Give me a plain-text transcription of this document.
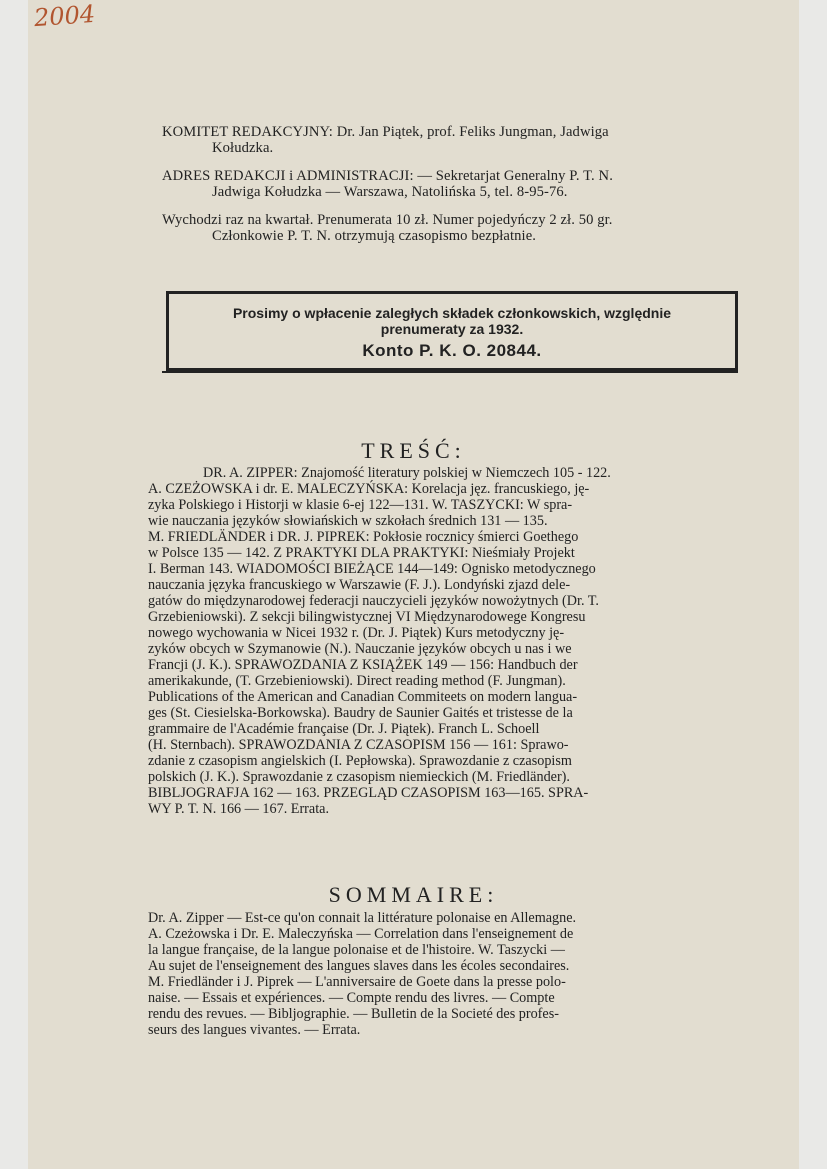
2004
KOMITET REDAKCYJNY: Dr. Jan Piątek, prof. Feliks Jungman, Jadwiga
Kołudzka.
ADRES REDAKCJI i ADMINISTRACJI: — Sekretarjat Generalny P. T. N.
Jadwiga Kołudzka — Warszawa, Natolińska 5, tel. 8-95-76.
Wychodzi raz na kwartał. Prenumerata 10 zł. Numer pojedyńczy 2 zł. 50 gr.
Członkowie P. T. N. otrzymują czasopismo bezpłatnie.
Prosimy o wpłacenie zaległych składek członkowskich, względnie
prenumeraty za 1932.
Konto P. K. O. 20844.
TREŚĆ:

DR. A. ZIPPER: Znajomość literatury polskiej w Niemczech 105 - 122.

A. CZEŻOWSKA i dr. E. MALECZYŃSKA: Korelacja jęz. francuskiego, ję-

zyka Polskiego i Historji w klasie 6-ej 122—131. W. TASZYCKI: W spra-

wie nauczania języków słowiańskich w szkołach średnich 131 — 135.

M. FRIEDLÄNDER i DR. J. PIPREK: Pokłosie rocznicy śmierci Goethego

w Polsce 135 — 142. Z PRAKTYKI DLA PRAKTYKI: Nieśmiały Projekt

I. Berman 143. WIADOMOŚCI BIEŻĄCE 144—149: Ognisko metodycznego

nauczania języka francuskiego w Warszawie (F. J.). Londyński zjazd dele-

gatów do międzynarodowej federacji nauczycieli języków nowożytnych (Dr. T.

Grzebieniowski). Z sekcji bilingwistycznej VI Międzynarodowege Kongresu

nowego wychowania w Nicei 1932 r. (Dr. J. Piątek) Kurs metodyczny ję-

zyków obcych w Szymanowie (N.). Nauczanie języków obcych u nas i we

Francji (J. K.). SPRAWOZDANIA Z KSIĄŻEK 149 — 156: Handbuch der

amerikakunde, (T. Grzebieniowski). Direct reading method (F. Jungman).

Publications of the American and Canadian Commiteets on modern langua-

ges (St. Ciesielska-Borkowska). Baudry de Saunier Gaités et tristesse de la

grammaire de l'Académie française (Dr. J. Piątek). Franch L. Schoell

(H. Sternbach). SPRAWOZDANIA Z CZASOPISM 156 — 161: Sprawo-

zdanie z czasopism angielskich (I. Pepłowska). Sprawozdanie z czasopism

polskich (J. K.). Sprawozdanie z czasopism niemieckich (M. Friedländer).

BIBLJOGRAFJA 162 — 163. PRZEGLĄD CZASOPISM 163—165. SPRA-

WY P. T. N. 166 — 167. Errata.

SOMMAIRE:

Dr. A. Zipper — Est-ce qu'on connait la littérature polonaise en Allemagne.

A. Czeżowska i Dr. E. Maleczyńska — Correlation dans l'enseignement de

la langue française, de la langue polonaise et de l'histoire. W. Taszycki —

Au sujet de l'enseignement des langues slaves dans les écoles secondaires.

M. Friedländer i J. Piprek — L'anniversaire de Goete dans la presse polo-

naise. — Essais et expériences. — Compte rendu des livres. — Compte

rendu des revues. — Bibljographie. — Bulletin de la Societé des profes-

seurs des langues vivantes. — Errata.
